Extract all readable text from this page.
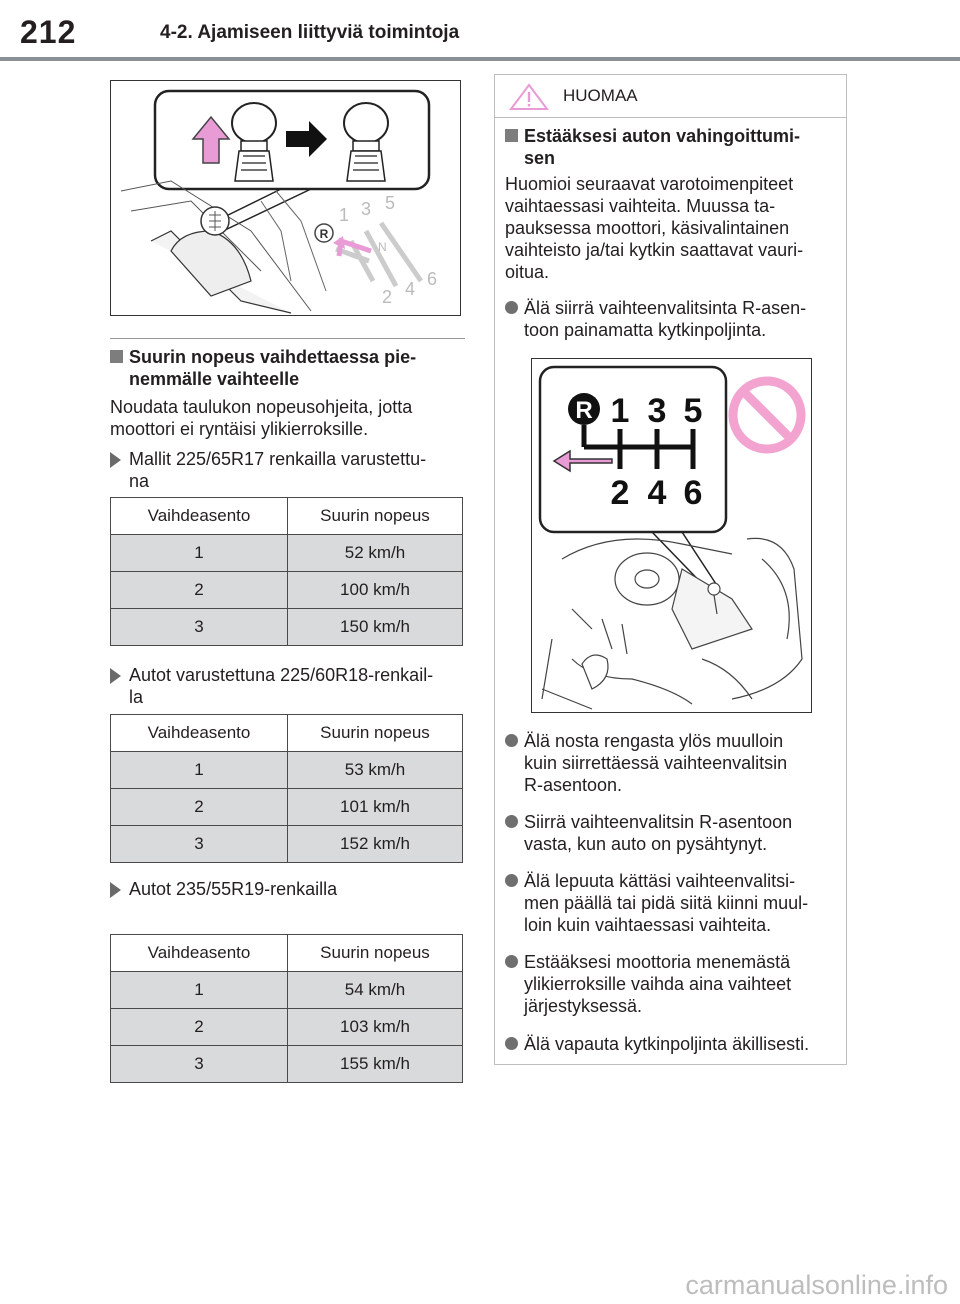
212	4-2. Ajamiseen liittyviä toimintoja
R
1 3 5
2 4 6
N
Suurin nopeus vaihdettaessa pie-
nemmälle vaihteelle
Noudata taulukon nopeusohjeita, jotta
moottori ei ryntäisi ylikierroksille.
Mallit 225/65R17 renkailla varustettu-
na
Vaihdeasento	Suurin nopeus
1	52 km/h
2	100 km/h
3	150 km/h
Autot varustettuna 225/60R18-renkail-
la
Vaihdeasento	Suurin nopeus
1	53 km/h
2	101 km/h
3	152 km/h
Autot 235/55R19-renkailla
Vaihdeasento	Suurin nopeus
1	54 km/h
2	103 km/h
3	155 km/h
HUOMAA
Estääksesi auton vahingoittumi-
sen
Huomioi seuraavat varotoimenpiteet
vaihtaessasi vaihteita. Muussa ta-
pauksessa moottori, käsivalintainen
vaihteisto ja/tai kytkin saattavat vauri-
oitua.
Älä siirrä vaihteenvalitsinta R-asen-
toon painamatta kytkinpoljinta.
R 1 3 5
2 4 6
Älä nosta rengasta ylös muulloin
kuin siirrettäessä vaihteenvalitsin
R-asentoon.
Siirrä vaihteenvalitsin R-asentoon
vasta, kun auto on pysähtynyt.
Älä lepuuta kättäsi vaihteenvalitsi-
men päällä tai pidä siitä kiinni muul-
loin kuin vaihtaessasi vaihteita.
Estääksesi moottoria menemästä
ylikierroksille vaihda aina vaihteet
järjestyksessä.
Älä vapauta kytkinpoljinta äkillisesti.
carmanualsonline.info
